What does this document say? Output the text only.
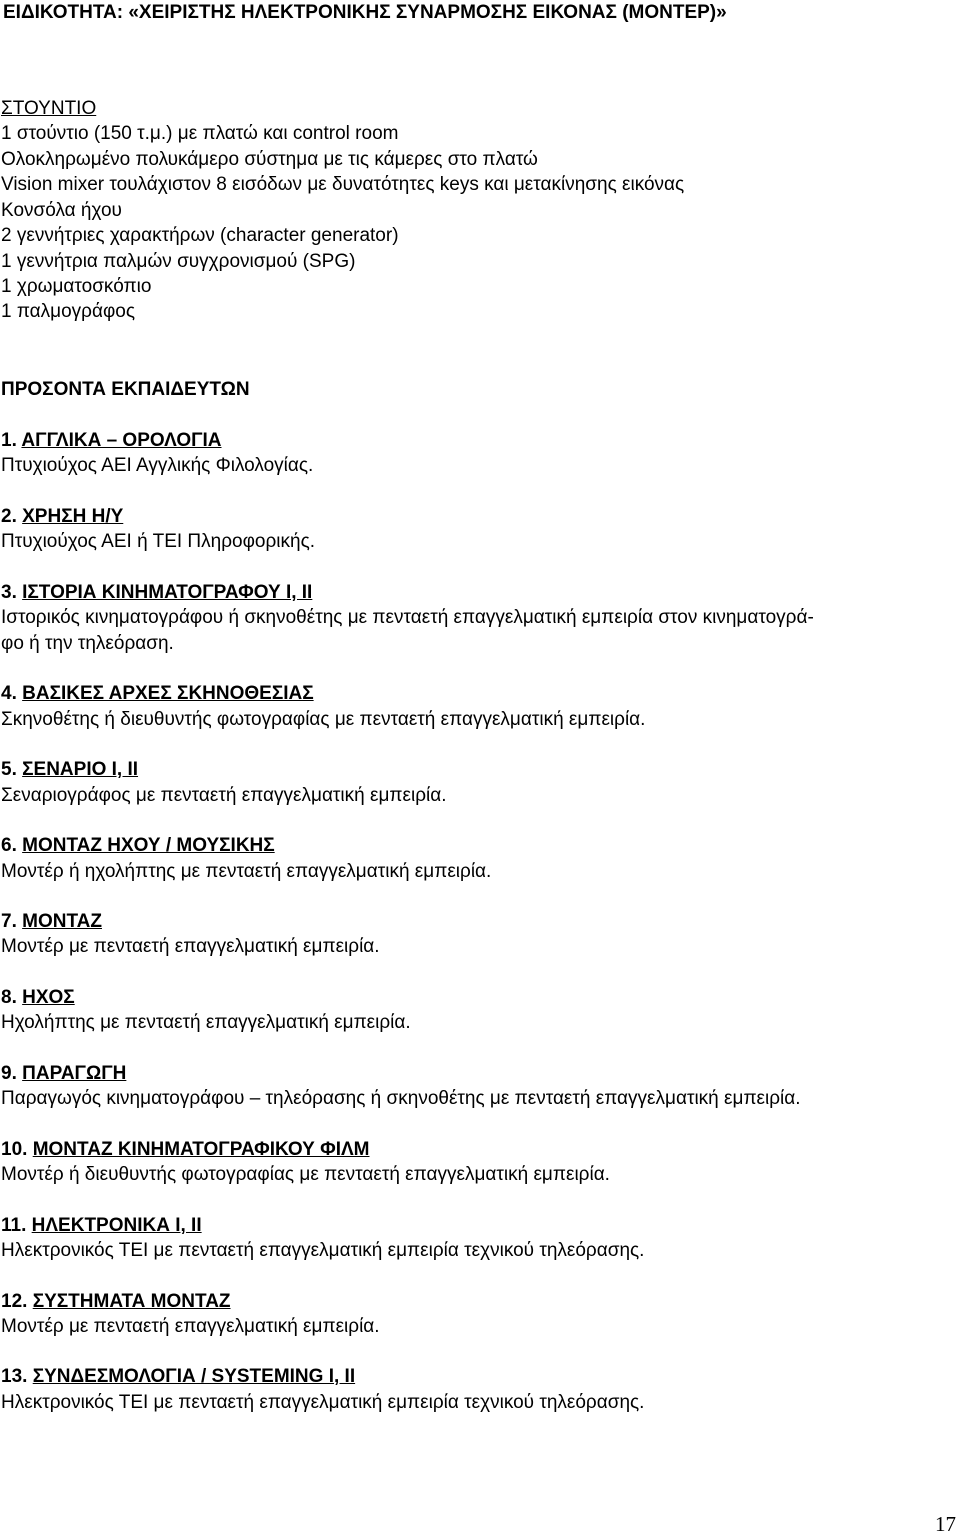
ΕΙΔΙΚΟΤΗΤΑ: «ΧΕΙΡΙΣΤΗΣ ΗΛΕΚΤΡΟΝΙΚΗΣ ΣΥΝΑΡΜΟΣΗΣ ΕΙΚΟΝΑΣ (ΜΟΝΤΕΡ)»
ΣΤΟΥΝΤΙΟ
1 στούντιο (150 τ.μ.) με πλατώ και control room
Ολοκληρωμένο πολυκάμερο σύστημα με τις κάμερες στο πλατώ
Vision mixer τουλάχιστον 8 εισόδων με δυνατότητες keys και μετακίνησης εικόνας
Κονσόλα ήχου
2 γεννήτριες χαρακτήρων (character generator)
1 γεννήτρια παλμών συγχρονισμού (SPG)
1 χρωματοσκόπιο
1 παλμογράφος
ΠΡΟΣΟΝΤΑ ΕΚΠΑΙΔΕΥΤΩΝ
1. ΑΓΓΛΙΚΑ – ΟΡΟΛΟΓΙΑ
Πτυχιούχος ΑΕΙ Αγγλικής Φιλολογίας.
2. ΧΡΗΣΗ Η/Υ
Πτυχιούχος ΑΕΙ ή ΤΕΙ Πληροφορικής.
3. ΙΣΤΟΡΙΑ ΚΙΝΗΜΑΤΟΓΡΑΦΟΥ Ι, ΙΙ
Ιστορικός κινηματογράφου ή σκηνοθέτης με πενταετή επαγγελματική εμπειρία στον κινηματογρά-
φο ή την τηλεόραση.
4. ΒΑΣΙΚΕΣ ΑΡΧΕΣ ΣΚΗΝΟΘΕΣΙΑΣ
Σκηνοθέτης ή διευθυντής φωτογραφίας με πενταετή επαγγελματική εμπειρία.
5. ΣΕΝΑΡΙΟ Ι, ΙΙ
Σεναριογράφος με πενταετή επαγγελματική εμπειρία.
6. ΜΟΝΤΑΖ ΗΧΟΥ / ΜΟΥΣΙΚΗΣ
Μοντέρ ή ηχολήπτης με πενταετή επαγγελματική εμπειρία.
7. ΜΟΝΤΑΖ
Μοντέρ με πενταετή επαγγελματική εμπειρία.
8. ΗΧΟΣ
Ηχολήπτης με πενταετή επαγγελματική εμπειρία.
9. ΠΑΡΑΓΩΓΗ
Παραγωγός κινηματογράφου – τηλεόρασης ή σκηνοθέτης με πενταετή επαγγελματική εμπειρία.
10. ΜΟΝΤΑΖ ΚΙΝΗΜΑΤΟΓΡΑΦΙΚΟΥ ΦΙΛΜ
Μοντέρ ή διευθυντής φωτογραφίας με πενταετή επαγγελματική εμπειρία.
11. ΗΛΕΚΤΡΟΝΙΚΑ Ι, ΙΙ
Ηλεκτρονικός ΤΕΙ με πενταετή επαγγελματική εμπειρία τεχνικού τηλεόρασης.
12. ΣΥΣΤΗΜΑΤΑ ΜΟΝΤΑΖ
Μοντέρ με πενταετή επαγγελματική εμπειρία.
13. ΣΥΝΔΕΣΜΟΛΟΓΙΑ / SYSTEMING Ι, ΙΙ
Ηλεκτρονικός ΤΕΙ με πενταετή επαγγελματική εμπειρία τεχνικού τηλεόρασης.
17
